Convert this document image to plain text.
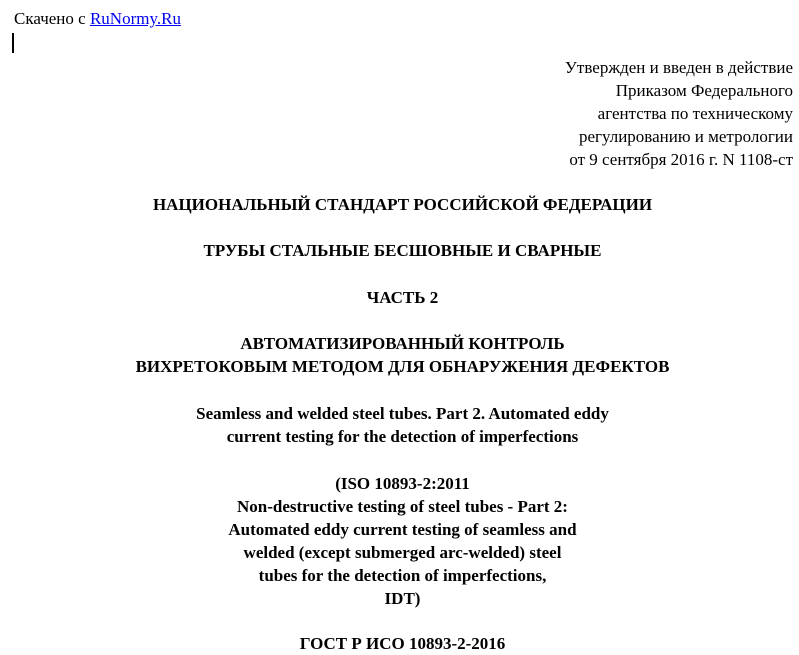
Скачено с RuNormy.Ru
Утвержден и введен в действие
Приказом Федерального
агентства по техническому
регулированию и метрологии
от 9 сентября 2016 г. N 1108-ст
НАЦИОНАЛЬНЫЙ СТАНДАРТ РОССИЙСКОЙ ФЕДЕРАЦИИ
ТРУБЫ СТАЛЬНЫЕ БЕСШОВНЫЕ И СВАРНЫЕ
ЧАСТЬ 2
АВТОМАТИЗИРОВАННЫЙ КОНТРОЛЬ
ВИХРЕТОКОВЫМ МЕТОДОМ ДЛЯ ОБНАРУЖЕНИЯ ДЕФЕКТОВ
Seamless and welded steel tubes. Part 2. Automated eddy
current testing for the detection of imperfections
(ISO 10893-2:2011
Non-destructive testing of steel tubes - Part 2:
Automated eddy current testing of seamless and
welded (except submerged arc-welded) steel
tubes for the detection of imperfections,
IDT)
ГОСТ Р ИСО 10893-2-2016
